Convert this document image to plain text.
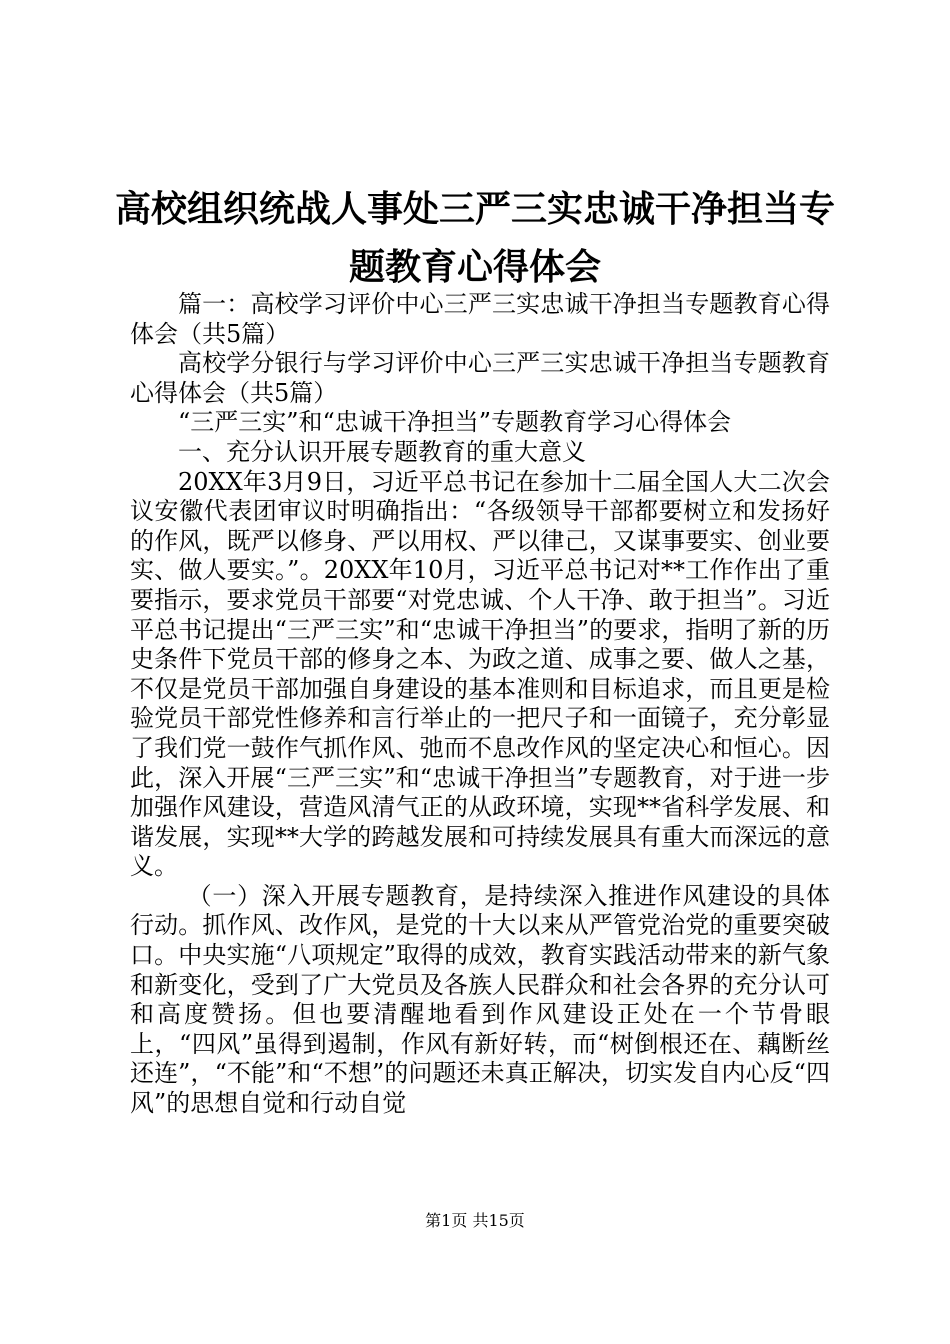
高校组织统战人事处三严三实忠诚干净担当专题教育心得体会

篇一：高校学习评价中心三严三实忠诚干净担当专题教育心得体会（共5篇）

高校学分银行与学习评价中心三严三实忠诚干净担当专题教育心得体会（共5篇）

“三严三实”和“忠诚干净担当”专题教育学习心得体会

一、充分认识开展专题教育的重大意义

20XX年3月9日，习近平总书记在参加十二届全国人大二次会议安徽代表团审议时明确指出：“各级领导干部都要树立和发扬好的作风，既严以修身、严以用权、严以律己，又谋事要实、创业要实、做人要实。”。20XX年10月，习近平总书记对**工作作出了重要指示，要求党员干部要“对党忠诚、个人干净、敢于担当”。习近平总书记提出“三严三实”和“忠诚干净担当”的要求，指明了新的历史条件下党员干部的修身之本、为政之道、成事之要、做人之基，不仅是党员干部加强自身建设的基本准则和目标追求，而且更是检验党员干部党性修养和言行举止的一把尺子和一面镜子，充分彰显了我们党一鼓作气抓作风、弛而不息改作风的坚定决心和恒心。因此，深入开展“三严三实”和“忠诚干净担当”专题教育，对于进一步加强作风建设，营造风清气正的从政环境，实现**省科学发展、和谐发展，实现**大学的跨越发展和可持续发展具有重大而深远的意义。

（一）深入开展专题教育，是持续深入推进作风建设的具体行动。抓作风、改作风，是党的十大以来从严管党治党的重要突破口。中央实施“八项规定”取得的成效，教育实践活动带来的新气象和新变化，受到了广大党员及各族人民群众和社会各界的充分认可和高度赞扬。但也要清醒地看到作风建设正处在一个节骨眼上，“四风”虽得到遏制，作风有新好转，而“树倒根还在、藕断丝还连”，“不能”和“不想”的问题还未真正解决，切实发自内心反“四风”的思想自觉和行动自觉

第1页 共15页
